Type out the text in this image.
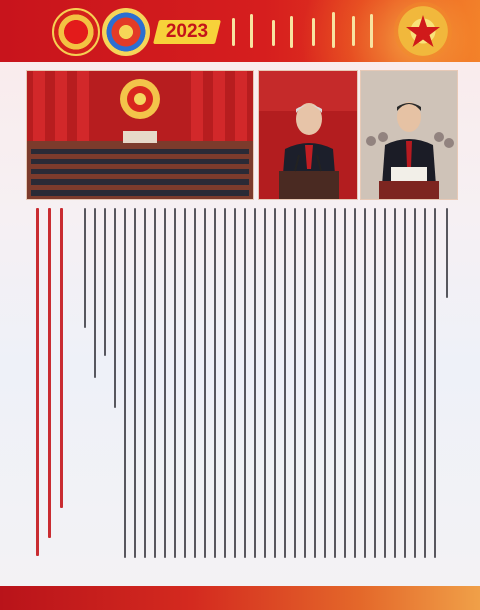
2023
